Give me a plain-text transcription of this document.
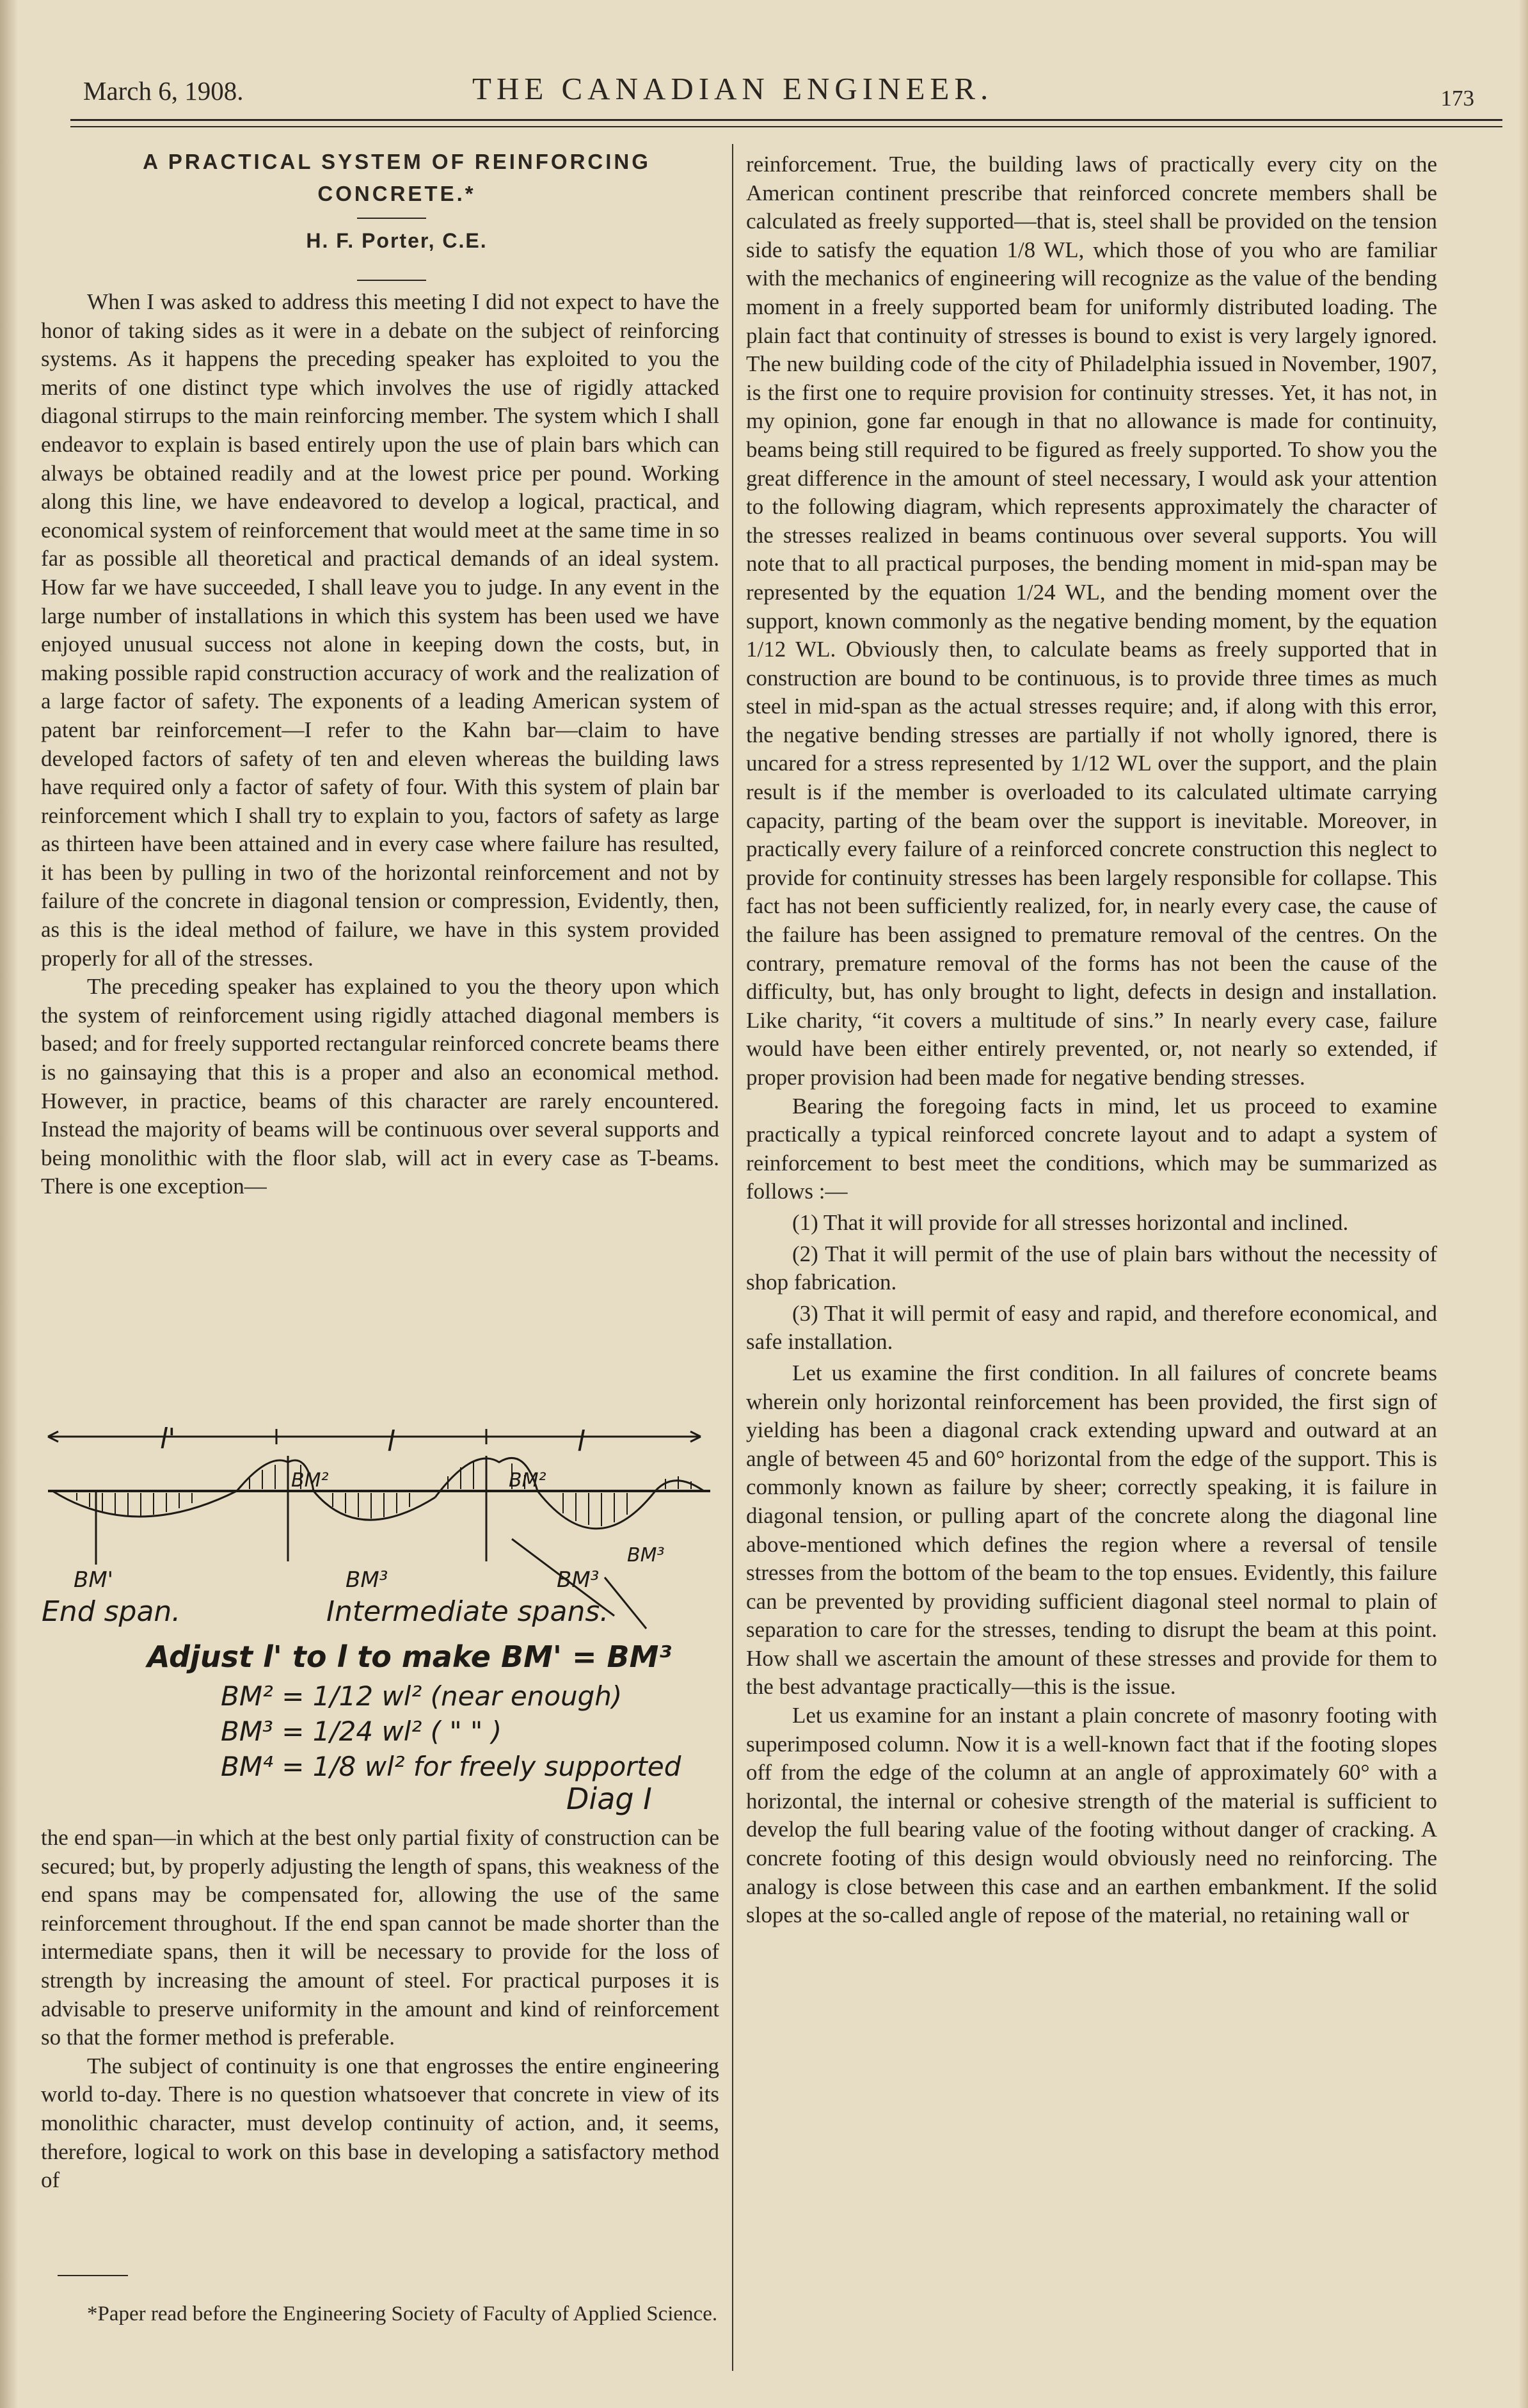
March 6, 1908.	THE CANADIAN ENGINEER.	173
A PRACTICAL SYSTEM OF REINFORCING CONCRETE.*
H. F. Porter, C.E.

When I was asked to address this meeting I did not expect to have the honor of taking sides as it were in a debate on the subject of reinforcing systems. As it happens the preceding speaker has exploited to you the merits of one distinct type which involves the use of rigidly attacked diagonal stirrups to the main reinforcing member. The system which I shall endeavor to explain is based entirely upon the use of plain bars which can always be obtained readily and at the lowest price per pound. Working along this line, we have endeavored to develop a logical, practical, and economical system of reinforcement that would meet at the same time in so far as possible all theoretical and practical demands of an ideal system. How far we have succeeded, I shall leave you to judge. In any event in the large number of installations in which this system has been used we have enjoyed unusual success not alone in keeping down the costs, but, in making possible rapid construction accuracy of work and the realization of a large factor of safety. The exponents of a leading American system of patent bar reinforcement—I refer to the Kahn bar—claim to have developed factors of safety of ten and eleven whereas the building laws have required only a factor of safety of four. With this system of plain bar reinforcement which I shall try to explain to you, factors of safety as large as thirteen have been attained and in every case where failure has resulted, it has been by pulling in two of the horizontal reinforcement and not by failure of the concrete in diagonal tension or compression, Evidently, then, as this is the ideal method of failure, we have in this system provided properly for all of the stresses.

The preceding speaker has explained to you the theory upon which the system of reinforcement using rigidly attached diagonal members is based; and for freely supported rectangular reinforced concrete beams there is no gainsaying that this is a proper and also an economical method. However, in practice, beams of this character are rarely encountered. Instead the majority of beams will be continuous over several supports and being monolithic with the floor slab, will act in every case as T-beams. There is one exception—

l'	l	l
BM²	BM²
BM'	BM³	BM³
BM³
End span.	Intermediate spans.
Adjust l' to l to make BM' = BM³
BM² = 1/12 wl² (near enough)
BM³ = 1/24 wl² ( " " )
BM⁴ = 1/8 wl² for freely supported
Diag I

the end span—in which at the best only partial fixity of construction can be secured; but, by properly adjusting the length of spans, this weakness of the end spans may be compensated for, allowing the use of the same reinforcement throughout. If the end span cannot be made shorter than the intermediate spans, then it will be necessary to provide for the loss of strength by increasing the amount of steel. For practical purposes it is advisable to preserve uniformity in the amount and kind of reinforcement so that the former method is preferable.

The subject of continuity is one that engrosses the entire engineering world to-day. There is no question whatsoever that concrete in view of its monolithic character, must develop continuity of action, and, it seems, therefore, logical to work on this base in developing a satisfactory method of

*Paper read before the Engineering Society of Faculty of Applied Science.

reinforcement. True, the building laws of practically every city on the American continent prescribe that reinforced concrete members shall be calculated as freely supported—that is, steel shall be provided on the tension side to satisfy the equation 1/8 WL, which those of you who are familiar with the mechanics of engineering will recognize as the value of the bending moment in a freely supported beam for uniformly distributed loading. The plain fact that continuity of stresses is bound to exist is very largely ignored. The new building code of the city of Philadelphia issued in November, 1907, is the first one to require provision for continuity stresses. Yet, it has not, in my opinion, gone far enough in that no allowance is made for continuity, beams being still required to be figured as freely supported. To show you the great difference in the amount of steel necessary, I would ask your attention to the following diagram, which represents approximately the character of the stresses realized in beams continuous over several supports. You will note that to all practical purposes, the bending moment in mid-span may be represented by the equation 1/24 WL, and the bending moment over the support, known commonly as the negative bending moment, by the equation 1/12 WL. Obviously then, to calculate beams as freely supported that in construction are bound to be continuous, is to provide three times as much steel in mid-span as the actual stresses require; and, if along with this error, the negative bending stresses are partially if not wholly ignored, there is uncared for a stress represented by 1/12 WL over the support, and the plain result is if the member is overloaded to its calculated ultimate carrying capacity, parting of the beam over the support is inevitable. Moreover, in practically every failure of a reinforced concrete construction this neglect to provide for continuity stresses has been largely responsible for collapse. This fact has not been sufficiently realized, for, in nearly every case, the cause of the failure has been assigned to premature removal of the centres. On the contrary, premature removal of the forms has not been the cause of the difficulty, but, has only brought to light, defects in design and installation. Like charity, “it covers a multitude of sins.” In nearly every case, failure would have been either entirely prevented, or, not nearly so extended, if proper provision had been made for negative bending stresses.

Bearing the foregoing facts in mind, let us proceed to examine practically a typical reinforced concrete layout and to adapt a system of reinforcement to best meet the conditions, which may be summarized as follows :—

(1) That it will provide for all stresses horizontal and inclined.

(2) That it will permit of the use of plain bars without the necessity of shop fabrication.

(3) That it will permit of easy and rapid, and therefore economical, and safe installation.

Let us examine the first condition. In all failures of concrete beams wherein only horizontal reinforcement has been provided, the first sign of yielding has been a diagonal crack extending upward and outward at an angle of between 45 and 60° horizontal from the edge of the support. This is commonly known as failure by sheer; correctly speaking, it is failure in diagonal tension, or pulling apart of the concrete along the diagonal line above-mentioned which defines the region where a reversal of tensile stresses from the bottom of the beam to the top ensues. Evidently, this failure can be prevented by providing sufficient diagonal steel normal to plain of separation to care for the stresses, tending to disrupt the beam at this point. How shall we ascertain the amount of these stresses and provide for them to the best advantage practically—this is the issue.

Let us examine for an instant a plain concrete of masonry footing with superimposed column. Now it is a well-known fact that if the footing slopes off from the edge of the column at an angle of approximately 60° with a horizontal, the internal or cohesive strength of the material is sufficient to develop the full bearing value of the footing without danger of cracking. A concrete footing of this design would obviously need no reinforcing. The analogy is close between this case and an earthen embankment. If the solid slopes at the so-called angle of repose of the material, no retaining wall or
